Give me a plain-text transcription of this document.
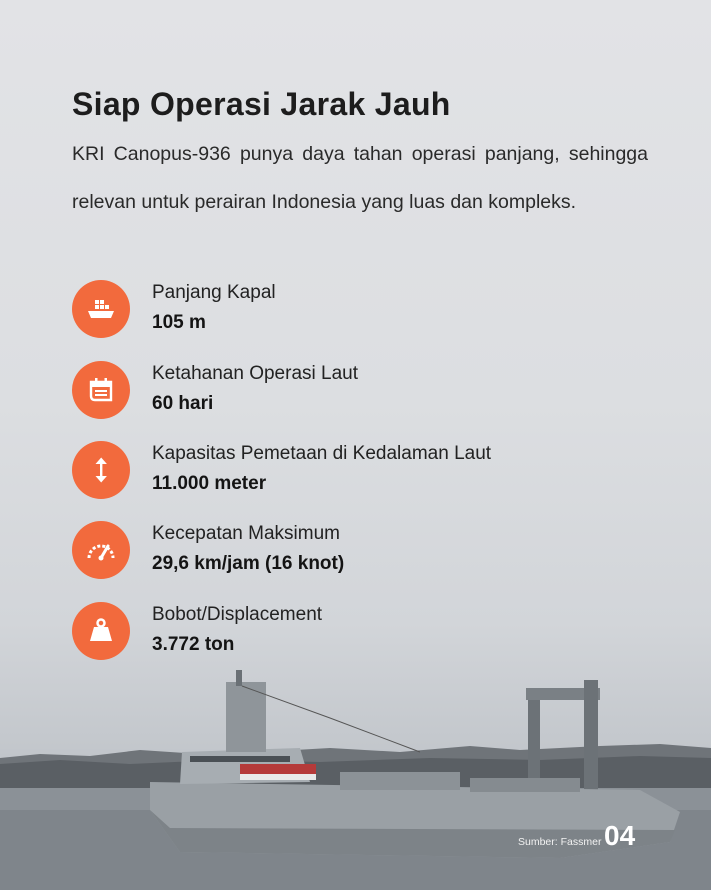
Siap Operasi Jarak Jauh

KRI Canopus-936 punya daya tahan operasi panjang, sehingga relevan untuk perairan Indonesia yang luas dan kompleks.

Panjang Kapal
105 m
Ketahanan Operasi Laut
60 hari
Kapasitas Pemetaan di Kedalaman Laut
11.000 meter
Kecepatan Maksimum
29,6 km/jam (16 knot)
Bobot/Displacement
3.772 ton
Sumber: Fassmer 04
